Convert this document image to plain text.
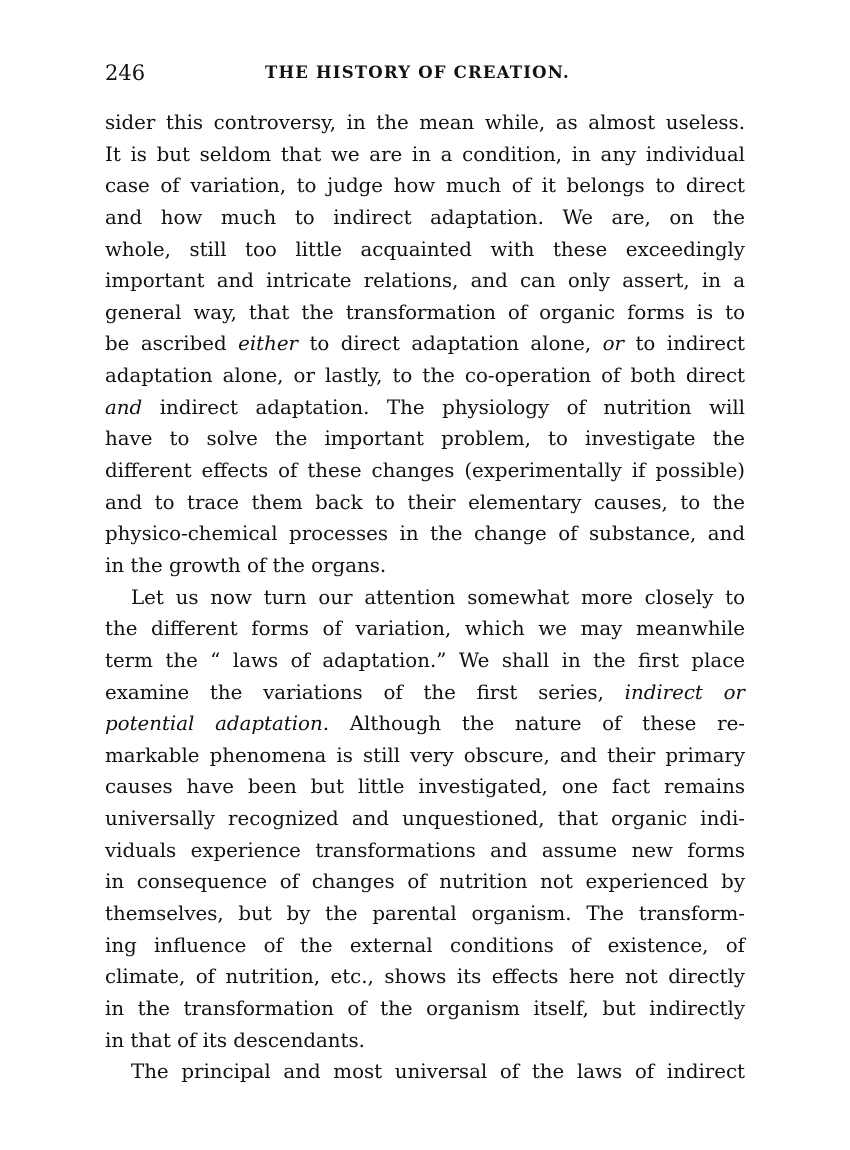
246	THE HISTORY OF CREATION.
sider this controversy, in the mean while, as almost useless.
It is but seldom that we are in a condition, in any individual
case of variation, to judge how much of it belongs to direct
and how much to indirect adaptation. We are, on the
whole, still too little acquainted with these exceedingly
important and intricate relations, and can only assert, in a
general way, that the transformation of organic forms is to
be ascribed either to direct adaptation alone, or to indirect
adaptation alone, or lastly, to the co-operation of both direct
and indirect adaptation. The physiology of nutrition will
have to solve the important problem, to investigate the
different effects of these changes (experimentally if possible)
and to trace them back to their elementary causes, to the
physico-chemical processes in the change of substance, and
in the growth of the organs.
Let us now turn our attention somewhat more closely to
the different forms of variation, which we may meanwhile
term the “ laws of adaptation.” We shall in the first place
examine the variations of the first series, indirect or
potential adaptation. Although the nature of these re-
markable phenomena is still very obscure, and their primary
causes have been but little investigated, one fact remains
universally recognized and unquestioned, that organic indi-
viduals experience transformations and assume new forms
in consequence of changes of nutrition not experienced by
themselves, but by the parental organism. The transform-
ing influence of the external conditions of existence, of
climate, of nutrition, etc., shows its effects here not directly
in the transformation of the organism itself, but indirectly
in that of its descendants.
The principal and most universal of the laws of indirect
